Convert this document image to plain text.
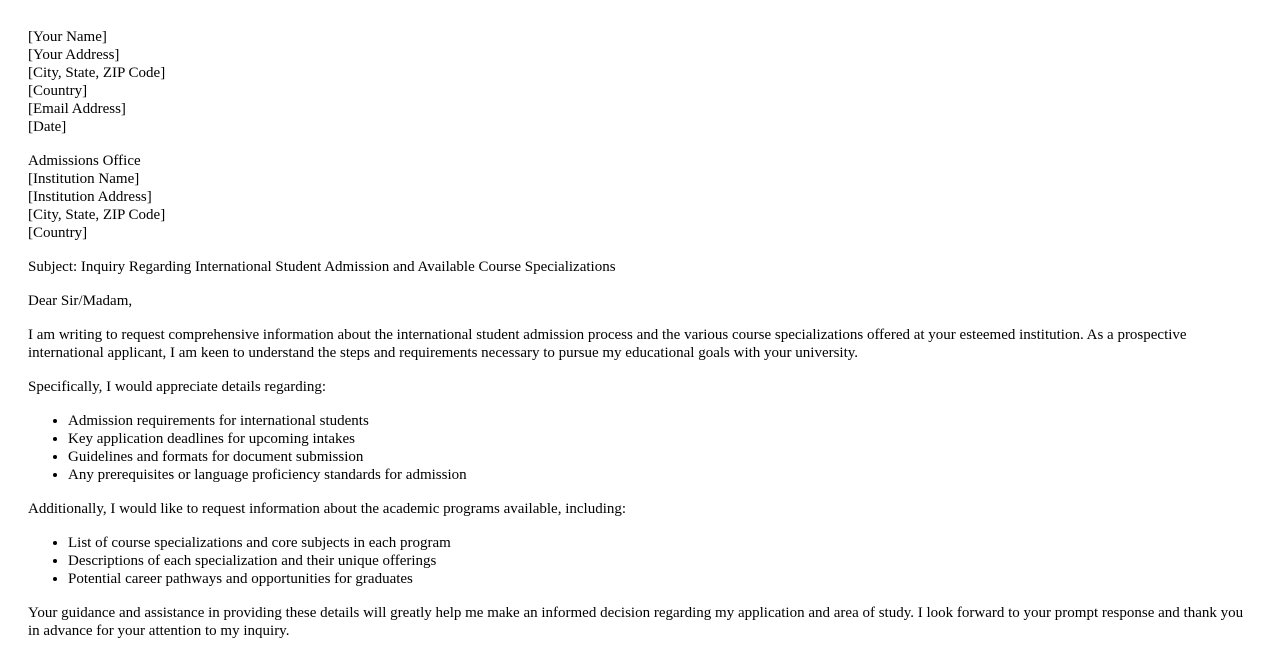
[Your Name]
[Your Address]
[City, State, ZIP Code]
[Country]
[Email Address]
[Date]
Admissions Office
[Institution Name]
[Institution Address]
[City, State, ZIP Code]
[Country]

Subject: Inquiry Regarding International Student Admission and Available Course Specializations

Dear Sir/Madam,

I am writing to request comprehensive information about the international student admission process and the various course specializations offered at your esteemed institution. As a prospective international applicant, I am keen to understand the steps and requirements necessary to pursue my educational goals with your university.

Specifically, I would appreciate details regarding:

• Admission requirements for international students
• Key application deadlines for upcoming intakes
• Guidelines and formats for document submission
• Any prerequisites or language proficiency standards for admission

Additionally, I would like to request information about the academic programs available, including:

• List of course specializations and core subjects in each program
• Descriptions of each specialization and their unique offerings
• Potential career pathways and opportunities for graduates

Your guidance and assistance in providing these details will greatly help me make an informed decision regarding my application and area of study. I look forward to your prompt response and thank you in advance for your attention to my inquiry.
